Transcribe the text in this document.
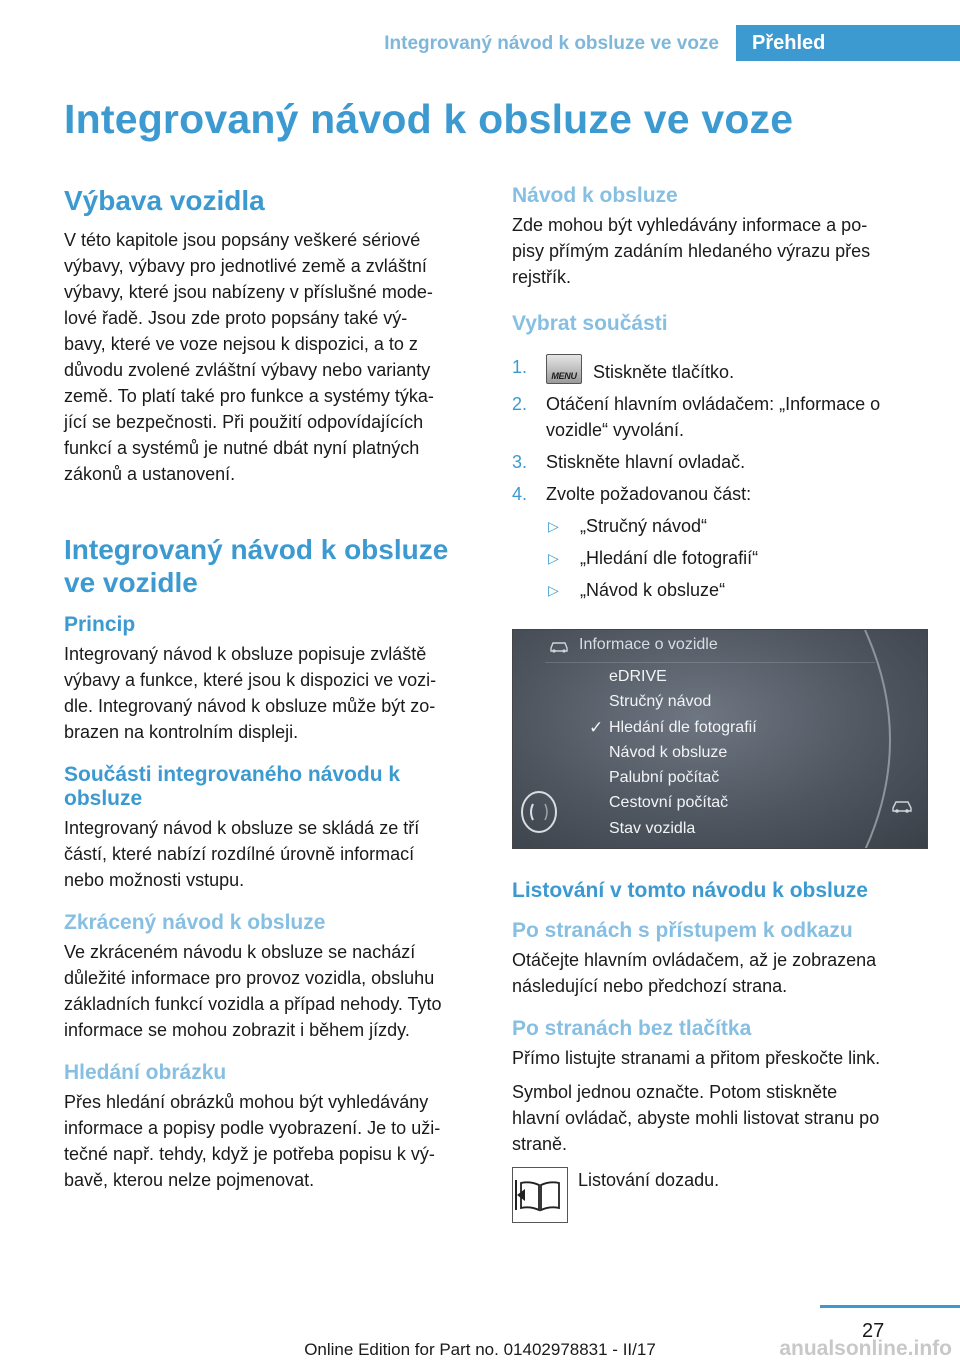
Integrovaný návod k obsluze ve voze	Přehled
Integrovaný návod k obsluze ve voze
Výbava vozidla

V této kapitole jsou popsány veškeré sériové
výbavy, výbavy pro jednotlivé země a zvláštní
výbavy, které jsou nabízeny v příslušné mode-
lové řadě. Jsou zde proto popsány také vý-
bavy, které ve voze nejsou k dispozici, a to z
důvodu zvolené zvláštní výbavy nebo varianty
země. To platí také pro funkce a systémy týka-
jící se bezpečnosti. Při použití odpovídajících
funkcí a systémů je nutné dbát nyní platných
zákonů a ustanovení.

Integrovaný návod k obsluze
ve vozidle
Princip

Integrovaný návod k obsluze popisuje zvláště
výbavy a funkce, které jsou k dispozici ve vozi-
dle. Integrovaný návod k obsluze může být zo-
brazen na kontrolním displeji.

Součásti integrovaného návodu k
obsluze

Integrovaný návod k obsluze se skládá ze tří
částí, které nabízí rozdílné úrovně informací
nebo možnosti vstupu.

Zkrácený návod k obsluze

Ve zkráceném návodu k obsluze se nachází
důležité informace pro provoz vozidla, obsluhu
základních funkcí vozidla a případ nehody. Tyto
informace se mohou zobrazit i během jízdy.

Hledání obrázku

Přes hledání obrázků mohou být vyhledávány
informace a popisy podle vyobrazení. Je to uži-
tečné např. tehdy, když je potřeba popisu k vý-
bavě, kterou nelze pojmenovat.

Návod k obsluze

Zde mohou být vyhledávány informace a po-
pisy přímým zadáním hledaného výrazu přes
rejstřík.

Vybrat součásti
1.	MENU Stiskněte tlačítko.
2. Otáčení hlavním ovládačem: „Informace o
vozidle“ vyvolání.
3. Stiskněte hlavní ovladač.
4. Zvolte požadovanou část:
▷ „Stručný návod“
▷ „Hledání dle fotografií“
▷ „Návod k obsluze“
Informace o vozidle
eDRIVE
Stručný návod
✓ Hledání dle fotografií
Návod k obsluze
Palubní počítač
Cestovní počítač
Stav vozidla
Listování v tomto návodu k obsluze
Po stranách s přístupem k odkazu

Otáčejte hlavním ovládačem, až je zobrazena
následující nebo předchozí strana.

Po stranách bez tlačítka

Přímo listujte stranami a přitom přeskočte link.

Symbol jednou označte. Potom stiskněte
hlavní ovládač, abyste mohli listovat stranu po
straně.

Listování dozadu.
27
Online Edition for Part no. 01402978831 - II/17	anualsonline.info
